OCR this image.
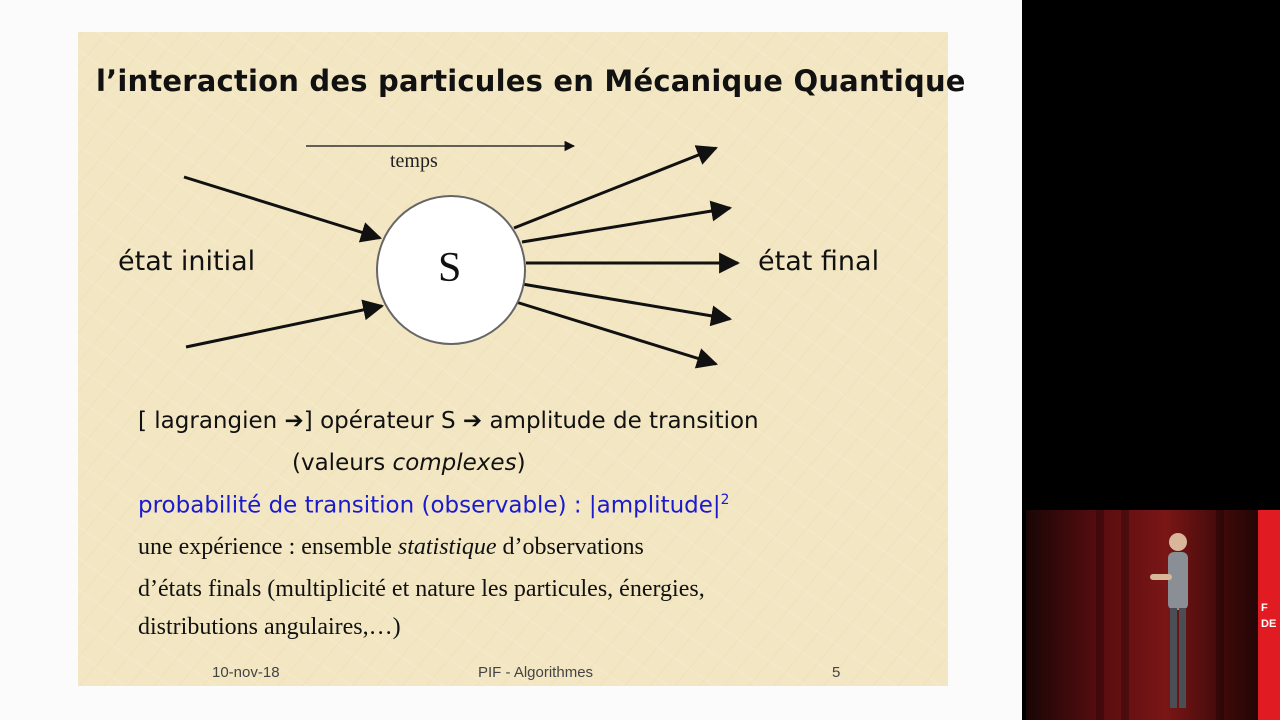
l’interaction des particules en Mécanique Quantique
temps
état initial	état final
S
[ lagrangien ➔] opérateur S ➔ amplitude de transition
(valeurs complexes)
probabilité de transition (observable) : $|amplitude|^2$
une expérience : ensemble statistique d’observations
d’états finals (multiplicité et nature les particules, énergies,
distributions angulaires,…)
10-nov-18	PIF - Algorithmes	5
F
DE
